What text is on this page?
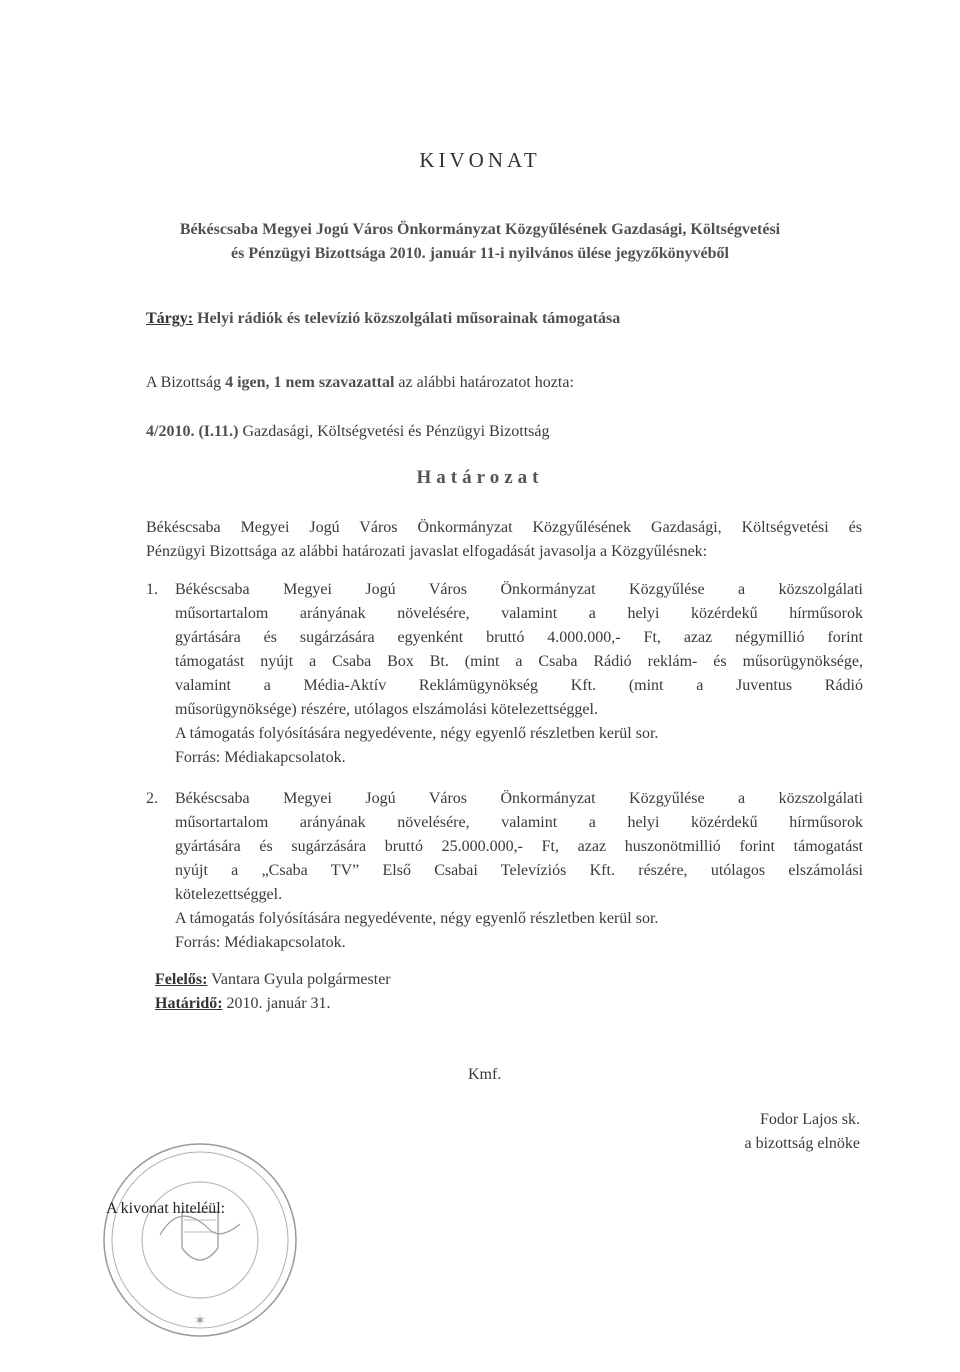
KIVONAT
Békéscsaba Megyei Jogú Város Önkormányzat Közgyűlésének Gazdasági, Költségvetési
és Pénzügyi Bizottsága 2010. január 11-i nyilvános ülése jegyzőkönyvéből
Tárgy: Helyi rádiók és televízió közszolgálati műsorainak támogatása
A Bizottság 4 igen, 1 nem szavazattal az alábbi határozatot hozta:
4/2010. (I.11.) Gazdasági, Költségvetési és Pénzügyi Bizottság
Határozat
Békéscsaba Megyei Jogú Város Önkormányzat Közgyűlésének Gazdasági, Költségvetési és
Pénzügyi Bizottsága az alábbi határozati javaslat elfogadását javasolja a Közgyűlésnek:
1. Békéscsaba Megyei Jogú Város Önkormányzat Közgyűlése a közszolgálati
műsortartalom arányának növelésére, valamint a helyi közérdekű hírműsorok
gyártására és sugárzására egyenként bruttó 4.000.000,- Ft, azaz négymillió forint
támogatást nyújt a Csaba Box Bt. (mint a Csaba Rádió reklám- és műsorügynöksége,
valamint a Média-Aktív Reklámügynökség Kft. (mint a Juventus Rádió
műsorügynöksége) részére, utólagos elszámolási kötelezettséggel.
A támogatás folyósítására negyedévente, négy egyenlő részletben kerül sor.
Forrás: Médiakapcsolatok.
2. Békéscsaba Megyei Jogú Város Önkormányzat Közgyűlése a közszolgálati
műsortartalom arányának növelésére, valamint a helyi közérdekű hírműsorok
gyártására és sugárzására bruttó 25.000.000,- Ft, azaz huszonötmillió forint támogatást
nyújt a „Csaba TV” Első Csabai Televíziós Kft. részére, utólagos elszámolási
kötelezettséggel.
A támogatás folyósítására negyedévente, négy egyenlő részletben kerül sor.
Forrás: Médiakapcsolatok.
Felelős: Vantara Gyula polgármester
Határidő: 2010. január 31.
Kmf.
Fodor Lajos sk.
a bizottság elnöke
✶
A kivonat hiteléül:
